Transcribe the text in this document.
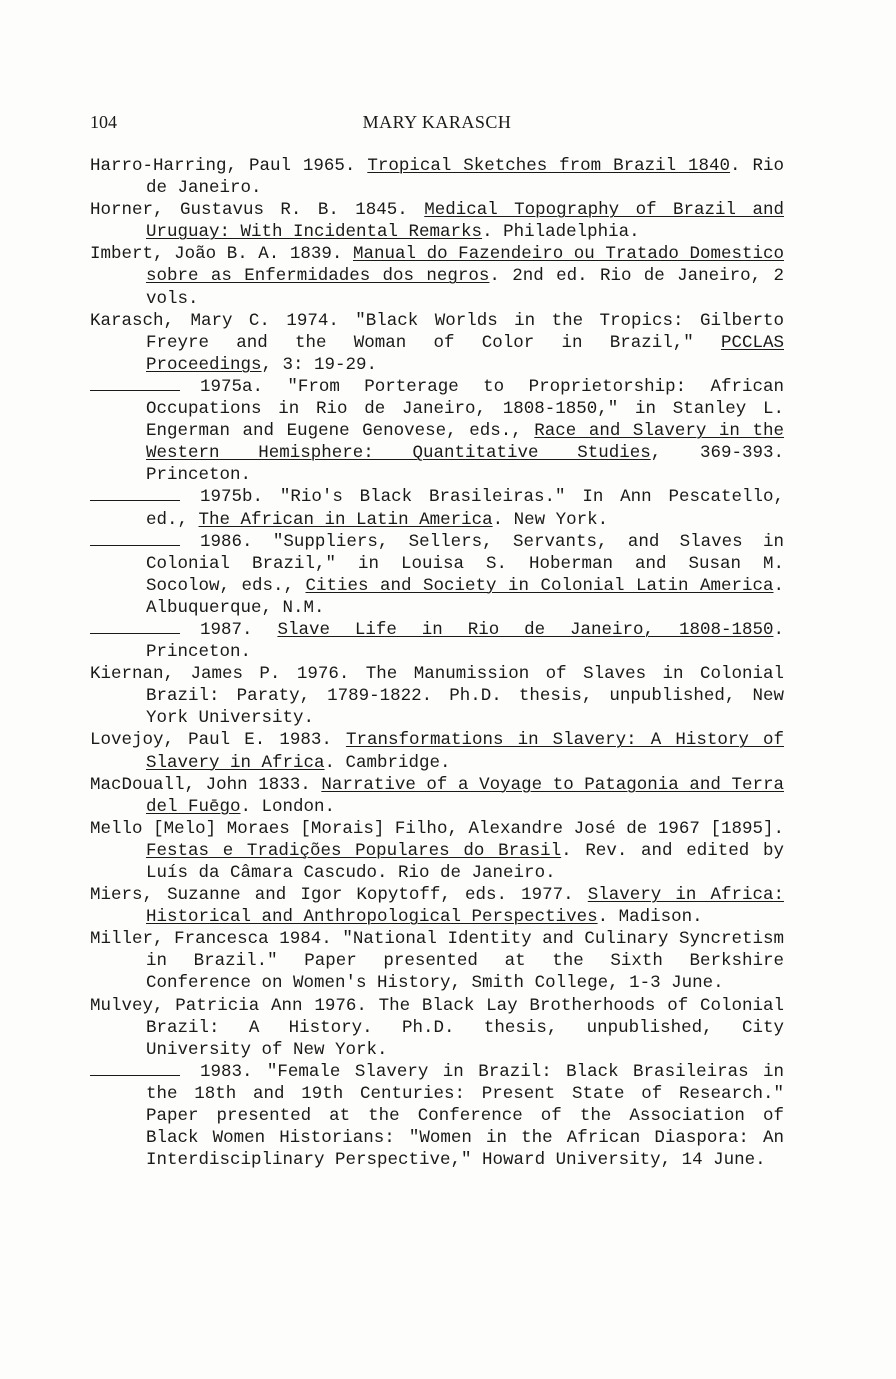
104	MARY KARASCH

Harro-Harring, Paul 1965. Tropical Sketches from Brazil 1840. Rio de Janeiro.

Horner, Gustavus R. B. 1845. Medical Topography of Brazil and Uruguay: With Incidental Remarks. Philadelphia.

Imbert, João B. A. 1839. Manual do Fazendeiro ou Tratado Domestico sobre as Enfermidades dos negros. 2nd ed. Rio de Janeiro, 2 vols.

Karasch, Mary C. 1974. "Black Worlds in the Tropics: Gilberto Freyre and the Woman of Color in Brazil," PCCLAS Proceedings, 3: 19-29.

1975a. "From Porterage to Proprietorship: African Occupations in Rio de Janeiro, 1808-1850," in Stanley L. Engerman and Eugene Genovese, eds., Race and Slavery in the Western Hemisphere: Quantitative Studies, 369-393. Princeton.

1975b. "Rio's Black Brasileiras." In Ann Pescatello, ed., The African in Latin America. New York.

1986. "Suppliers, Sellers, Servants, and Slaves in Colonial Brazil," in Louisa S. Hoberman and Susan M. Socolow, eds., Cities and Society in Colonial Latin America. Albuquerque, N.M.

1987. Slave Life in Rio de Janeiro, 1808-1850. Princeton.

Kiernan, James P. 1976. The Manumission of Slaves in Colonial Brazil: Paraty, 1789-1822. Ph.D. thesis, unpublished, New York University.

Lovejoy, Paul E. 1983. Transformations in Slavery: A History of Slavery in Africa. Cambridge.

MacDouall, John 1833. Narrative of a Voyage to Patagonia and Terra del Fuēgo. London.

Mello [Melo] Moraes [Morais] Filho, Alexandre José de 1967 [1895]. Festas e Tradições Populares do Brasil. Rev. and edited by Luís da Câmara Cascudo. Rio de Janeiro.

Miers, Suzanne and Igor Kopytoff, eds. 1977. Slavery in Africa: Historical and Anthropological Perspectives. Madison.

Miller, Francesca 1984. "National Identity and Culinary Syncretism in Brazil." Paper presented at the Sixth Berkshire Conference on Women's History, Smith College, 1-3 June.

Mulvey, Patricia Ann 1976. The Black Lay Brotherhoods of Colonial Brazil: A History. Ph.D. thesis, unpublished, City University of New York.

1983. "Female Slavery in Brazil: Black Brasileiras in the 18th and 19th Centuries: Present State of Research." Paper presented at the Conference of the Association of Black Women Historians: "Women in the African Diaspora: An Interdisciplinary Perspective," Howard University, 14 June.
